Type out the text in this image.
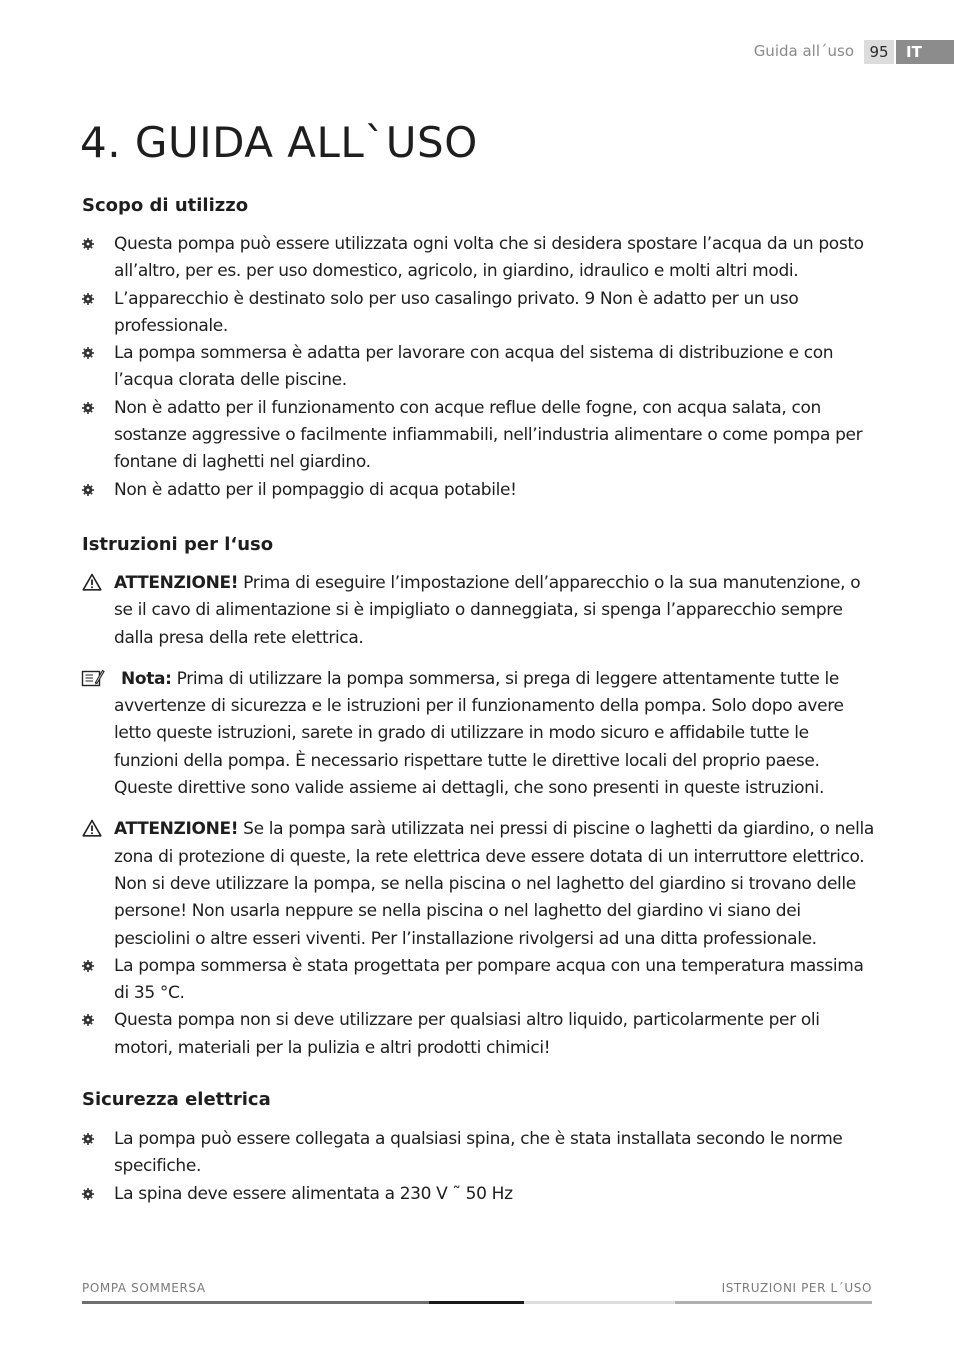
Guida all´uso	95	IT
4. GUIDA ALL`USO
Scopo di utilizzo
Questa pompa può essere utilizzata ogni volta che si desidera spostare l’acqua da un posto all’altro, per es. per uso domestico, agricolo, in giardino, idraulico e molti altri modi.
L’apparecchio è destinato solo per uso casalingo privato. 9 Non è adatto per un uso professionale.
La pompa sommersa è adatta per lavorare con acqua del sistema di distribuzione e con l’acqua clorata delle piscine.
Non è adatto per il funzionamento con acque reflue delle fogne, con acqua salata, con sostanze aggressive o facilmente infiammabili, nell’industria alimentare o come pompa per fontane di laghetti nel giardino.
Non è adatto per il pompaggio di acqua potabile!
Istruzioni per l‘uso
ATTENZIONE! Prima di eseguire l’impostazione dell’apparecchio o la sua manutenzione, o se il cavo di alimentazione si è impigliato o danneggiata, si spenga l’apparecchio sempre dalla presa della rete elettrica.
Nota: Prima di utilizzare la pompa sommersa, si prega di leggere attentamente tutte le avvertenze di sicurezza e le istruzioni per il funzionamento della pompa. Solo dopo avere letto queste istruzioni, sarete in grado di utilizzare in modo sicuro e affidabile tutte le funzioni della pompa. È necessario rispettare tutte le direttive locali del proprio paese. Queste direttive sono valide assieme ai dettagli, che sono presenti in queste istruzioni.
ATTENZIONE! Se la pompa sarà utilizzata nei pressi di piscine o laghetti da giardino, o nella zona di protezione di queste, la rete elettrica deve essere dotata di un interruttore elettrico. Non si deve utilizzare la pompa, se nella piscina o nel laghetto del giardino si trovano delle persone! Non usarla neppure se nella piscina o nel laghetto del giardino vi siano dei pesciolini o altre esseri viventi. Per l’installazione rivolgersi ad una ditta professionale.
La pompa sommersa è stata progettata per pompare acqua con una temperatura massima di 35 °C.
Questa pompa non si deve utilizzare per qualsiasi altro liquido, particolarmente per oli motori, materiali per la pulizia e altri prodotti chimici!
Sicurezza elettrica
La pompa può essere collegata a qualsiasi spina, che è stata installata secondo le norme specifiche.
La spina deve essere alimentata a 230 V ˜ 50 Hz
POMPA SOMMERSA	ISTRUZIONI PER L´USO
